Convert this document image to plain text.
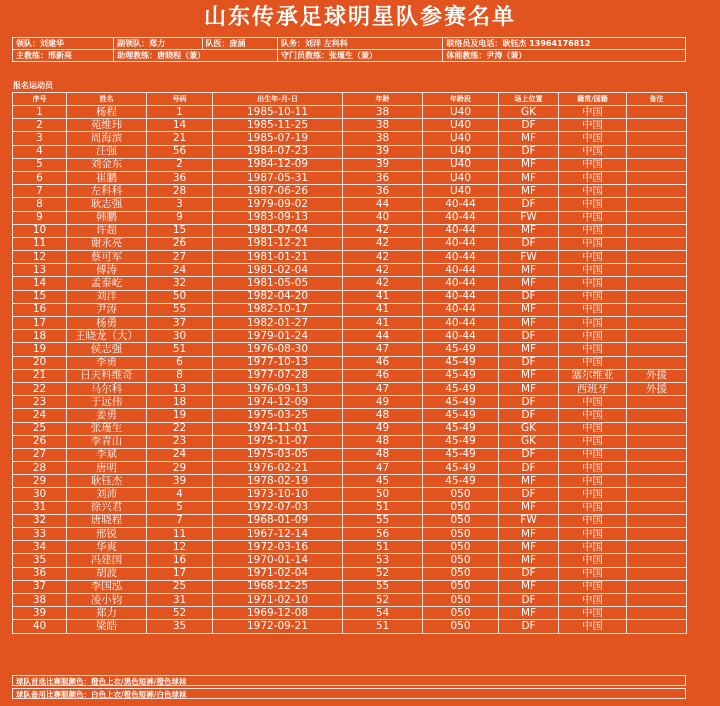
山东传承足球明星队参赛名单
领队：刘建华	副领队：郑力	队医：庞涵	队务：刘洋 左科科	联络员及电话：耿钰杰 13964176812
主教练：邢新亮	助理教练：唐晓程（兼）		守门员教练：张瑾生（兼）	体能教练：尹涛（兼）
报名运动员
序号	姓名	号码	出生年-月-日	年龄	年龄段	场上位置	籍贯/国籍	备注
1	杨程	1	1985-10-11	38	U40	GK	中国	
2	苑维玮	14	1985-11-25	38	U40	DF	中国	
3	周海滨	21	1985-07-19	38	U40	MF	中国	
4	汪强	56	1984-07-23	39	U40	DF	中国	
5	刘金东	2	1984-12-09	39	U40	MF	中国	
6	崔鹏	36	1987-05-31	36	U40	MF	中国	
7	左科科	28	1987-06-26	36	U40	MF	中国	
8	耿志强	3	1979-09-02	44	40-44	DF	中国	
9	韩鹏	9	1983-09-13	40	40-44	FW	中国	
10	许超	15	1981-07-04	42	40-44	MF	中国	
11	谢永亮	26	1981-12-21	42	40-44	DF	中国	
12	蔡可军	27	1981-01-21	42	40-44	FW	中国	
13	傅涛	24	1981-02-04	42	40-44	MF	中国	
14	孟泰屹	32	1981-05-05	42	40-44	MF	中国	
15	刘洋	50	1982-04-20	41	40-44	DF	中国	
16	尹涛	55	1982-10-17	41	40-44	MF	中国	
17	杨勇	37	1982-01-27	41	40-44	MF	中国	
18	王晓龙（大）	30	1979-01-24	44	40-44	DF	中国	
19	侯志强	51	1976-08-30	47	45-49	MF	中国	
20	李勇	6	1977-10-13	46	45-49	DF	中国	
21	日夫科维奇	8	1977-07-28	46	45-49	MF	塞尔维亚	外援
22	马尔科	13	1976-09-13	47	45-49	MF	西班牙	外援
23	于远伟	18	1974-12-09	49	45-49	DF	中国	
24	姜勇	19	1975-03-25	48	45-49	DF	中国	
25	张瑾生	22	1974-11-01	49	45-49	GK	中国	
26	李青山	23	1975-11-07	48	45-49	GK	中国	
27	李斌	24	1975-03-05	48	45-49	DF	中国	
28	唐明	29	1976-02-21	47	45-49	DF	中国	
29	耿钰杰	39	1978-02-19	45	45-49	MF	中国	
30	刘沛	4	1973-10-10	50	050	DF	中国	
31	徐兴君	5	1972-07-03	51	050	MF	中国	
32	唐晓程	7	1968-01-09	55	050	FW	中国	
33	邢锐	11	1967-12-14	56	050	MF	中国	
34	华爽	12	1972-03-16	51	050	MF	中国	
35	冯建国	16	1970-01-14	53	050	MF	中国	
36	胡波	17	1971-02-04	52	050	DF	中国	
37	李国泓	25	1968-12-25	55	050	MF	中国	
38	凌小钧	31	1971-02-10	52	050	DF	中国	
39	郑力	52	1969-12-08	54	050	MF	中国	
40	梁皓	35	1972-09-21	51	050	DF	中国	
球队首选比赛服颜色：橙色上衣/黑色短裤/橙色球袜
球队备用比赛服颜色：白色上衣/橙色短裤/白色球袜
